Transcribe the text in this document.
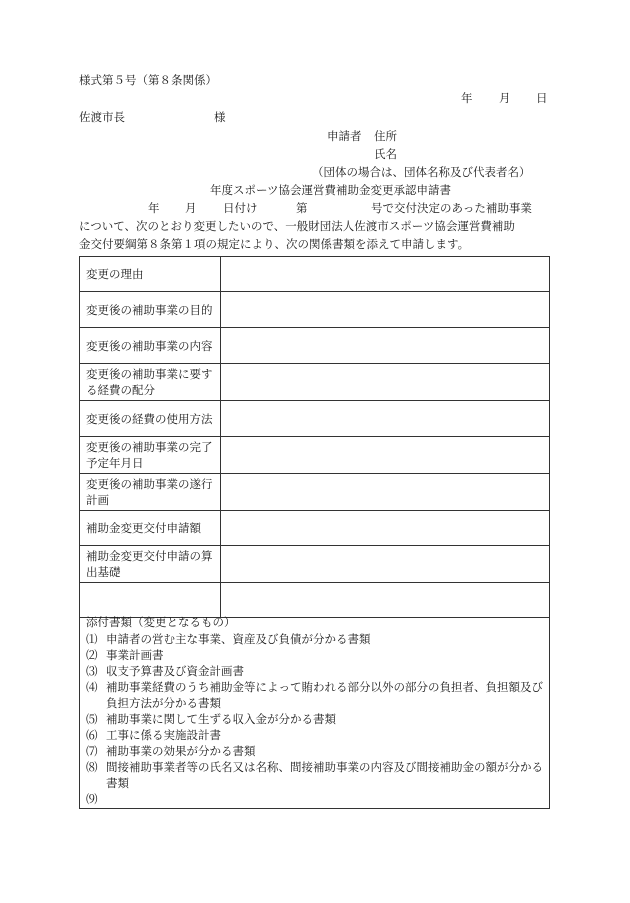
様式第５号（第８条関係）
年 月 日
佐渡市長	様
申請者 住所
氏名
（団体の場合は、団体名称及び代表者名）
年度スポーツ協会運営費補助金変更承認申請書
年 月 日付け	第	号で交付決定のあった補助事業
について、次のとおり変更したいので、一般財団法人佐渡市スポーツ協会運営費補助
金交付要綱第８条第１項の規定により、次の関係書類を添えて申請します。
変更の理由	
変更後の補助事業の目的	
変更後の補助事業の内容	
変更後の補助事業に要する経費の配分	
変更後の経費の使用方法	
変更後の補助事業の完了予定年月日	
変更後の補助事業の遂行計画	
補助金変更交付申請額	
補助金変更交付申請の算出基礎	

添付書類（変更となるもの）
⑴ 申請者の営む主な事業、資産及び負債が分かる書類
⑵ 事業計画書
⑶ 収支予算書及び資金計画書
⑷ 補助事業経費のうち補助金等によって賄われる部分以外の部分の負担者、負担額及び負担方法が分かる書類
⑸ 補助事業に関して生ずる収入金が分かる書類
⑹ 工事に係る実施設計書
⑺ 補助事業の効果が分かる書類
⑻ 間接補助事業者等の氏名又は名称、間接補助事業の内容及び間接補助金の額が分かる書類
⑼
